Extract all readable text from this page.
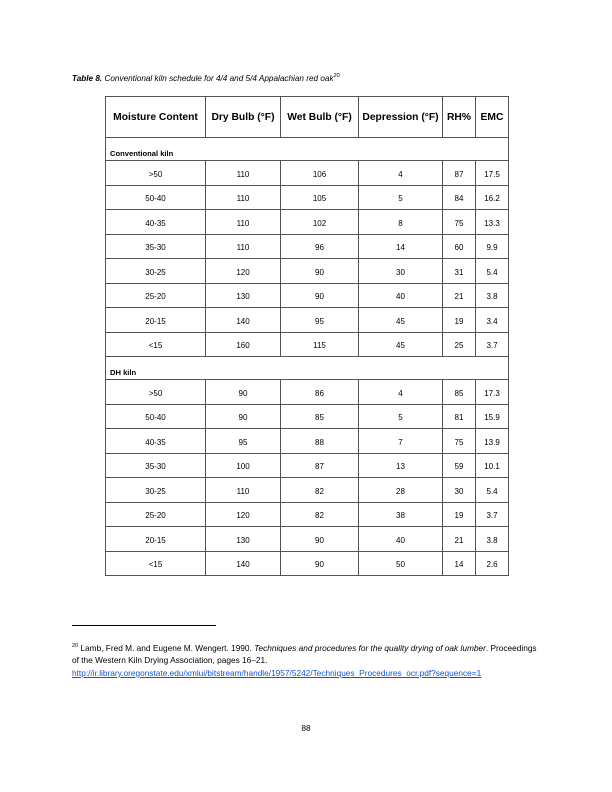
Table 8. Conventional kiln schedule for 4/4 and 5/4 Appalachian red oak$^{20}$
Moisture Content	Dry Bulb (°F)	Wet Bulb (°F)	Depression (°F)	RH%	EMC
Conventional kiln					
>50	110	106	4	87	17.5
50-40	110	105	5	84	16.2
40-35	110	102	8	75	13.3
35-30	110	96	14	60	9.9
30-25	120	90	30	31	5.4
25-20	130	90	40	21	3.8
20-15	140	95	45	19	3.4
<15	160	115	45	25	3.7
DH kiln					
>50	90	86	4	85	17.3
50-40	90	85	5	81	15.9
40-35	95	88	7	75	13.9
35-30	100	87	13	59	10.1
30-25	110	82	28	30	5.4
25-20	120	82	38	19	3.7
20-15	130	90	40	21	3.8
<15	140	90	50	14	2.6
$^{20}$ Lamb, Fred M. and Eugene M. Wengert. 1990. Techniques and procedures for the quality drying of oak lumber. Proceedings of the Western Kiln Drying Association, pages 16–21.
http://ir.library.oregonstate.edu/xmlui/bitstream/handle/1957/5242/Techniques_Procedures_ocr.pdf?sequence=1
88
